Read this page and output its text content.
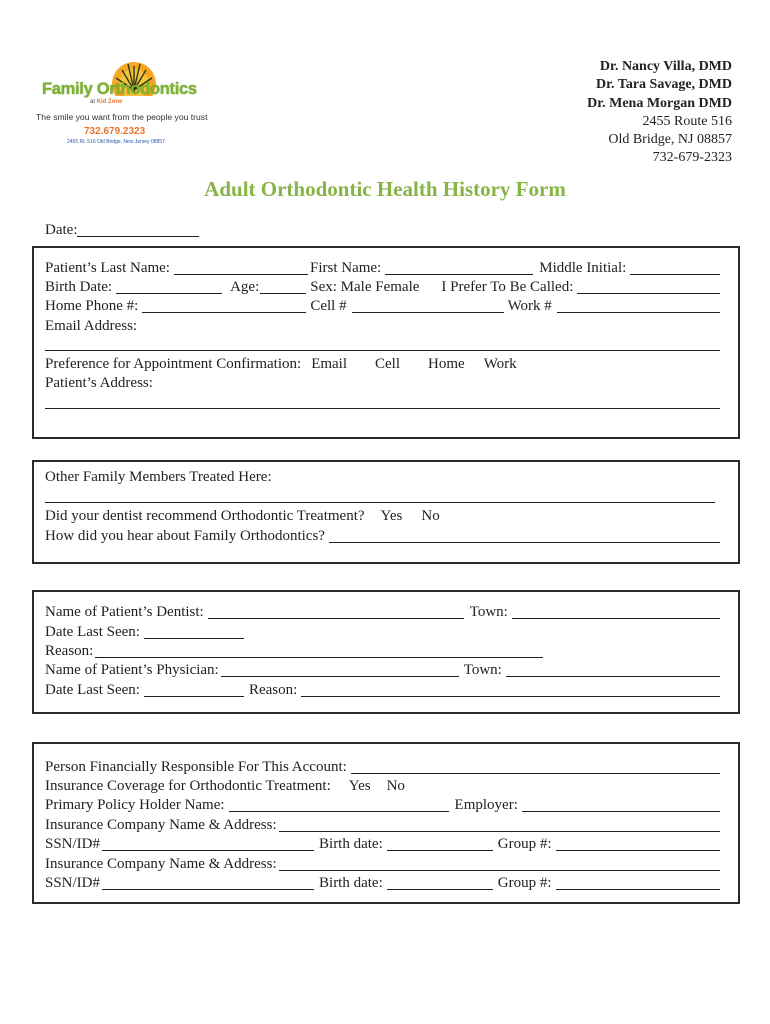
Family Orthodontics
at Kid Zone
The smile you want from the people you trust
732.679.2323
2455 Rt. 516 Old Bridge, New Jersey 08857
Dr. Nancy Villa, DMD
Dr. Tara Savage, DMD
Dr. Mena Morgan DMD
2455 Route 516
Old Bridge, NJ 08857
732-679-2323
Adult Orthodontic Health History Form
Date:
Patient’s Last Name:	First Name:	Middle Initial:
Birth Date:	Age:	Sex: Male Female I Prefer To Be Called:
Home Phone #:	Cell #	Work #
Email Address:
Preference for Appointment Confirmation: Email Cell Home Work
Patient’s Address:
Other Family Members Treated Here:
Did your dentist recommend Orthodontic Treatment? Yes No
How did you hear about Family Orthodontics?
Name of Patient’s Dentist:	Town:
Date Last Seen:
Reason:
Name of Patient’s Physician:	Town:
Date Last Seen:	Reason:
Person Financially Responsible For This Account:
Insurance Coverage for Orthodontic Treatment: Yes No
Primary Policy Holder Name:	Employer:
Insurance Company Name & Address:
SSN/ID#	Birth date:	Group #:
Insurance Company Name & Address:
SSN/ID#	Birth date:	Group #:
